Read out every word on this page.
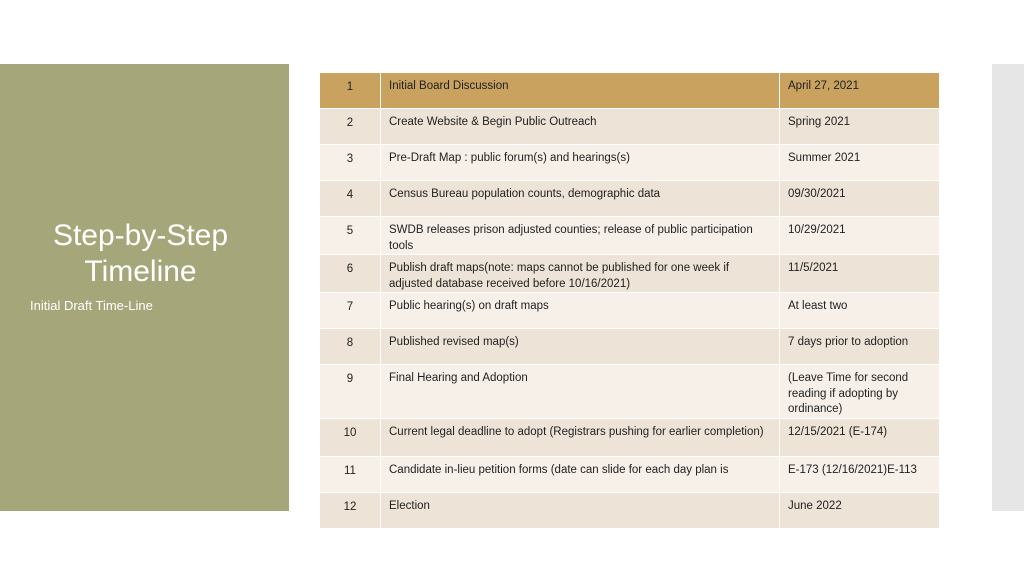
Step-by-Step
Timeline
Initial Draft Time-Line
1	Initial Board Discussion	April 27, 2021
2	Create Website & Begin Public Outreach	Spring 2021
3	Pre-Draft Map : public forum(s) and hearings(s)	Summer 2021
4	Census Bureau population counts, demographic data	09/30/2021
5	SWDB releases prison adjusted counties; release of public participation tools	10/29/2021
6	Publish draft maps(note: maps cannot be published for one week if adjusted database received before 10/16/2021)	11/5/2021
7	Public hearing(s) on draft maps	At least two
8	Published revised map(s)	7 days prior to adoption
9	Final Hearing and Adoption	(Leave Time for second reading if adopting by ordinance)
10	Current legal deadline to adopt (Registrars pushing for earlier completion)	12/15/2021 (E-174)
11	Candidate in-lieu petition forms (date can slide for each day plan is	E-173 (12/16/2021)E-113
12	Election	June 2022
